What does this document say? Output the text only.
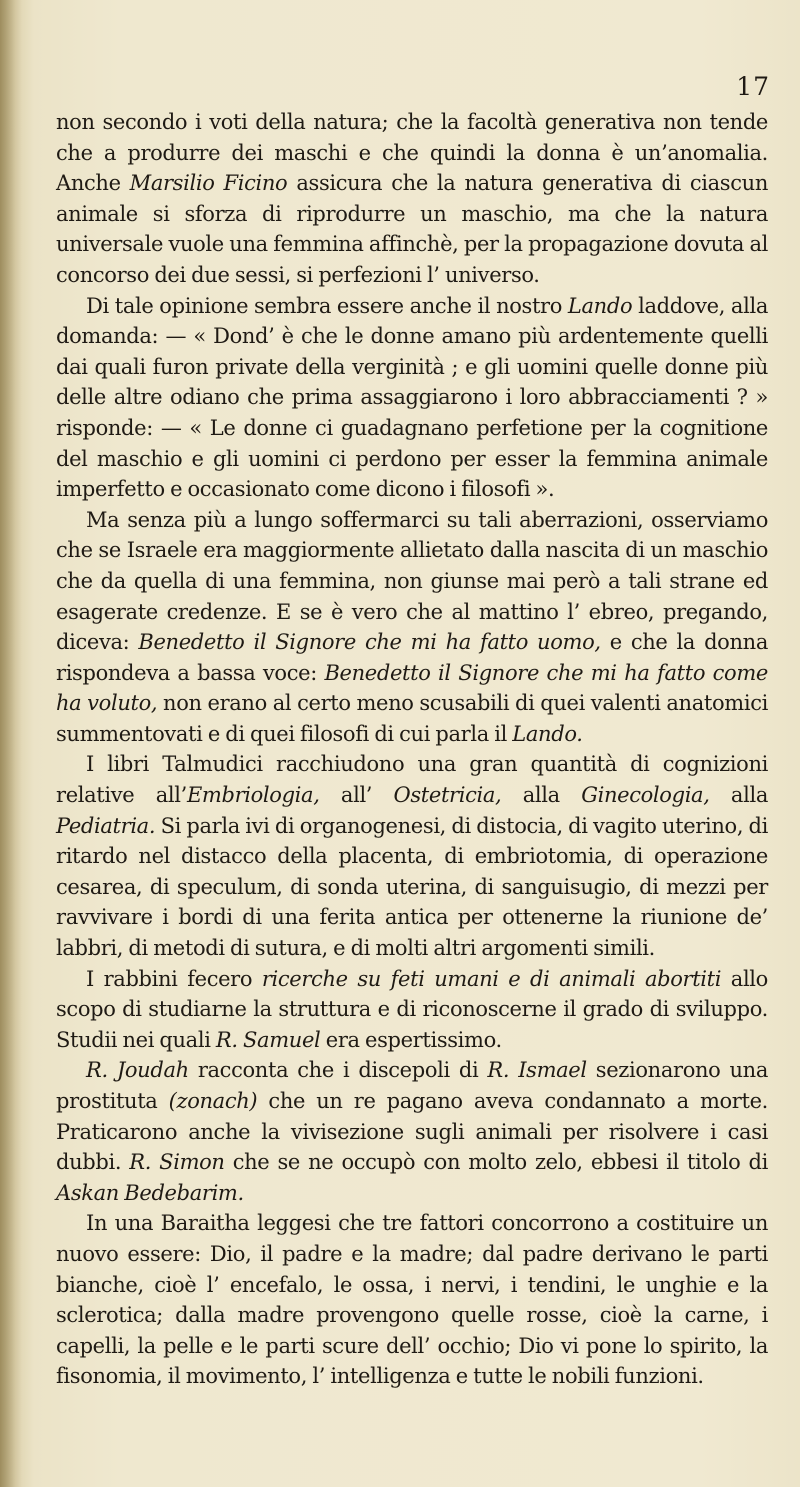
17

non secondo i voti della natura; che la facoltà generativa non tende che a produrre dei maschi e che quindi la donna è un’anomalia. Anche Marsilio Ficino assicura che la natura generativa di ciascun animale si sforza di riprodurre un maschio, ma che la natura universale vuole una femmina affinchè, per la propagazione dovuta al concorso dei due sessi, si perfezioni l’ universo.

Di tale opinione sembra essere anche il nostro Lando laddove, alla domanda: — « Dond’ è che le donne amano più ardentemente quelli dai quali furon private della verginità ; e gli uomini quelle donne più delle altre odiano che prima assaggiarono i loro abbracciamenti ? » risponde: — « Le donne ci guadagnano perfetione per la cognitione del maschio e gli uomini ci perdono per esser la femmina animale imperfetto e occasionato come dicono i filosofi ».

Ma senza più a lungo soffermarci su tali aberrazioni, osserviamo che se Israele era maggiormente allietato dalla nascita di un maschio che da quella di una femmina, non giunse mai però a tali strane ed esagerate credenze. E se è vero che al mattino l’ ebreo, pregando, diceva: Benedetto il Signore che mi ha fatto uomo, e che la donna rispondeva a bassa voce: Benedetto il Signore che mi ha fatto come ha voluto, non erano al certo meno scusabili di quei valenti anatomici summentovati e di quei filosofi di cui parla il Lando.

I libri Talmudici racchiudono una gran quantità di cognizioni relative all’Embriologia, all’ Ostetricia, alla Ginecologia, alla Pediatria. Si parla ivi di organogenesi, di distocia, di vagito uterino, di ritardo nel distacco della placenta, di embriotomia, di operazione cesarea, di speculum, di sonda uterina, di sanguisugio, di mezzi per ravvivare i bordi di una ferita antica per ottenerne la riunione de’ labbri, di metodi di sutura, e di molti altri argomenti simili.

I rabbini fecero ricerche su feti umani e di animali abortiti allo scopo di studiarne la struttura e di riconoscerne il grado di sviluppo. Studii nei quali R. Samuel era espertissimo.

R. Joudah racconta che i discepoli di R. Ismael sezionarono una prostituta (zonach) che un re pagano aveva condannato a morte. Praticarono anche la vivisezione sugli animali per risolvere i casi dubbi. R. Simon che se ne occupò con molto zelo, ebbesi il titolo di Askan Bedebarim.

In una Baraitha leggesi che tre fattori concorrono a costituire un nuovo essere: Dio, il padre e la madre; dal padre derivano le parti bianche, cioè l’ encefalo, le ossa, i nervi, i tendini, le unghie e la sclerotica; dalla madre provengono quelle rosse, cioè la carne, i capelli, la pelle e le parti scure dell’ occhio; Dio vi pone lo spirito, la fisonomia, il movimento, l’ intelligenza e tutte le nobili funzioni.
